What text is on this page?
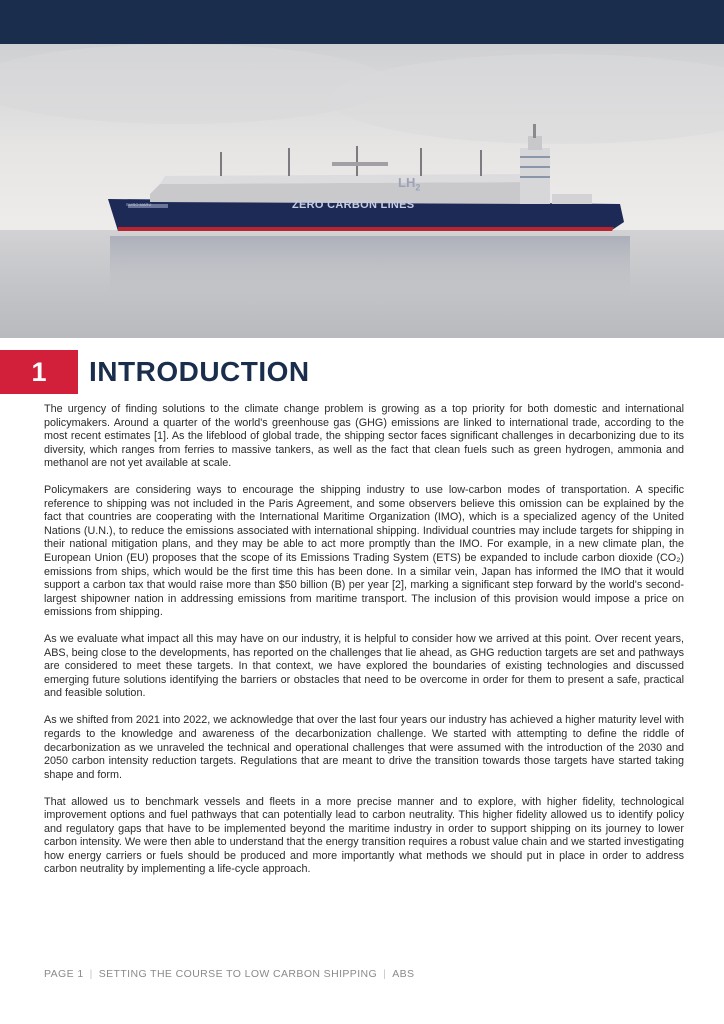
ZERO CARBON LINES
$LH_2$
SUISO MARU
1	INTRODUCTION

The urgency of finding solutions to the climate change problem is growing as a top priority for both domestic and international policymakers. Around a quarter of the world's greenhouse gas (GHG) emissions are linked to international trade, according to the most recent estimates [1]. As the lifeblood of global trade, the shipping sector faces significant challenges in decarbonizing due to its diversity, which ranges from ferries to massive tankers, as well as the fact that clean fuels such as green hydrogen, ammonia and methanol are not yet available at scale.

Policymakers are considering ways to encourage the shipping industry to use low-carbon modes of transportation. A specific reference to shipping was not included in the Paris Agreement, and some observers believe this omission can be explained by the fact that countries are cooperating with the International Maritime Organization (IMO), which is a specialized agency of the United Nations (U.N.), to reduce the emissions associated with international shipping. Individual countries may include targets for shipping in their national mitigation plans, and they may be able to act more promptly than the IMO. For example, in a new climate plan, the European Union (EU) proposes that the scope of its Emissions Trading System (ETS) be expanded to include carbon dioxide (CO₂) emissions from ships, which would be the first time this has been done. In a similar vein, Japan has informed the IMO that it would support a carbon tax that would raise more than $50 billion (B) per year [2], marking a significant step forward by the world's second-largest shipowner nation in addressing emissions from maritime transport. The inclusion of this provision would impose a price on emissions from shipping.

As we evaluate what impact all this may have on our industry, it is helpful to consider how we arrived at this point. Over recent years, ABS, being close to the developments, has reported on the challenges that lie ahead, as GHG reduction targets are set and pathways are considered to meet these targets. In that context, we have explored the boundaries of existing technologies and discussed emerging future solutions identifying the barriers or obstacles that need to be overcome in order for them to present a safe, practical and feasible solution.

As we shifted from 2021 into 2022, we acknowledge that over the last four years our industry has achieved a higher maturity level with regards to the knowledge and awareness of the decarbonization challenge. We started with attempting to define the riddle of decarbonization as we unraveled the technical and operational challenges that were assumed with the introduction of the 2030 and 2050 carbon intensity reduction targets. Regulations that are meant to drive the transition towards those targets have started taking shape and form.

That allowed us to benchmark vessels and fleets in a more precise manner and to explore, with higher fidelity, technological improvement options and fuel pathways that can potentially lead to carbon neutrality. This higher fidelity allowed us to identify policy and regulatory gaps that have to be implemented beyond the maritime industry in order to support shipping on its journey to lower carbon intensity. We were then able to understand that the energy transition requires a robust value chain and we started investigating how energy carriers or fuels should be produced and more importantly what methods we should put in place in order to address carbon neutrality by implementing a life-cycle approach.

PAGE 1 | SETTING THE COURSE TO LOW CARBON SHIPPING | ABS
